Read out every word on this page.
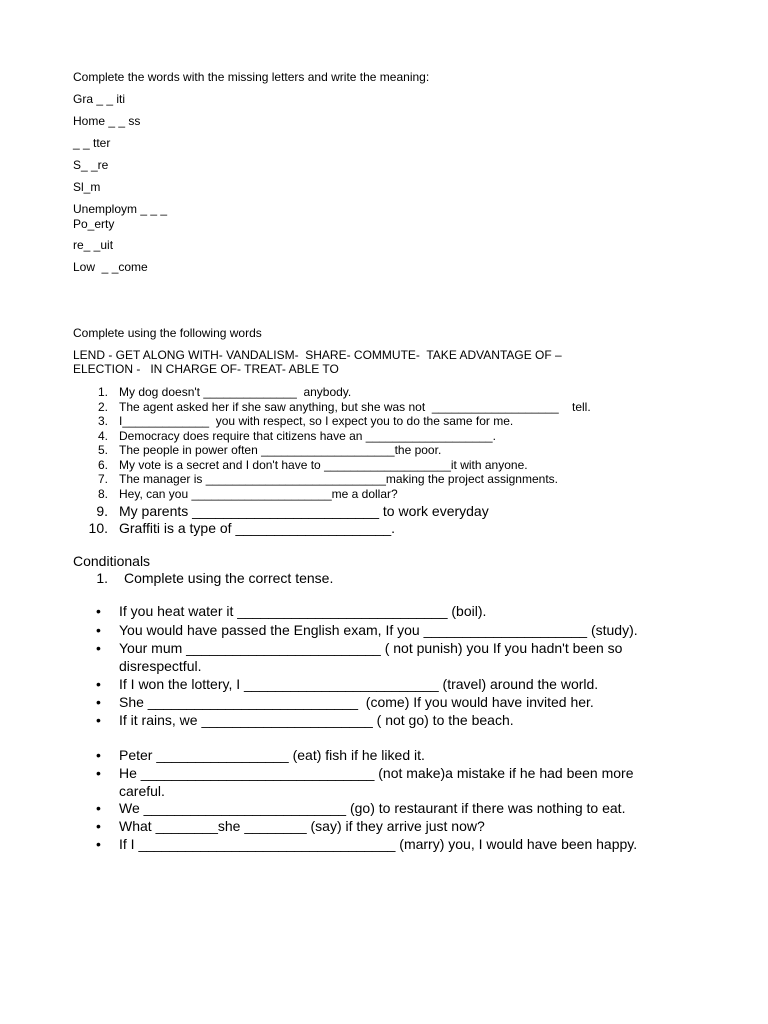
Complete the words with the missing letters and write the meaning:
Gra _ _ iti
Home _ _ ss
_ _ tter
S_ _re
Sl_m
Unemploym _ _ _
Po_erty
re_ _uit
Low  _ _come
Complete using the following words
LEND - GET ALONG WITH- VANDALISM-  SHARE- COMMUTE-  TAKE ADVANTAGE OF –
ELECTION -   IN CHARGE OF- TREAT- ABLE TO
1. My dog doesn't ______________  anybody.
2. The agent asked her if she saw anything, but she was not  ___________________    tell.
3. I_____________  you with respect, so I expect you to do the same for me.
4. Democracy does require that citizens have an ___________________.
5. The people in power often ____________________the poor.
6. My vote is a secret and I don't have to ___________________it with anyone.
7. The manager is ___________________________making the project assignments.
8. Hey, can you _____________________me a dollar?
9. My parents ________________________ to work everyday
10. Graffiti is a type of ____________________.
Conditionals
1. Complete using the correct tense.
• If you heat water it ___________________________ (boil).
• You would have passed the English exam, If you _____________________ (study).
• Your mum _________________________ ( not punish) you If you hadn't been so
disrespectful.
• If I won the lottery, I _________________________ (travel) around the world.
• She ___________________________  (come) If you would have invited her.
• If it rains, we ______________________ ( not go) to the beach.
• Peter _________________ (eat) fish if he liked it.
• He ______________________________ (not make)a mistake if he had been more
careful.
• We __________________________ (go) to restaurant if there was nothing to eat.
• What ________she ________ (say) if they arrive just now?
• If I _________________________________ (marry) you, I would have been happy.
